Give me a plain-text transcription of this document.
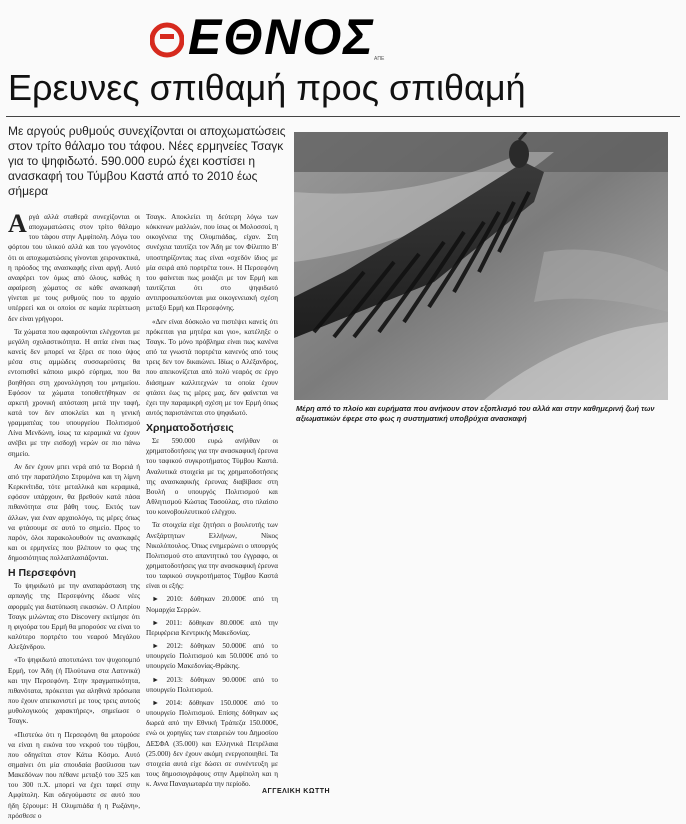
ΕΘΝΟΣ ΑΠΕ
Ερευνες σπιθαμή προς σπιθαμή
Με αργούς ρυθμούς συνεχίζονται οι αποχωματώσεις στον τρίτο θάλαμο του τάφου. Νέες ερμηνείες Τσαγκ για το ψηφιδωτό. 590.000 ευρώ έχει κοστίσει η ανασκαφή του Τύμβου Καστά από το 2010 έως σήμερα

Αργά αλλά σταθερά συνεχίζονται οι αποχωματώσεις στον τρίτο θάλαμο του τάφου στην Αμφίπολη. Λόγω του φόρτου του υλικού αλλά και του γεγονότος ότι οι αποχωματώσεις γίνονται χειρονακτικά, η πρόοδος της ανασκαφής είναι αργή. Αυτό αναφέρει τον όμως από όλους, καθώς η αφαίρεση χώματος σε κάθε ανασκαφή γίνεται με τους ρυθμούς που το αρχαίο υπέρρεεί και οι οποίοι σε καμία περίπτωση δεν είναι γρήγοροι.

Τα χώματα που αφαιρούνται ελέγχονται με μεγάλη σχολαστικότητα. Η αιτία είναι πως κανείς δεν μπορεί να ξέρει σε ποιο ύψος μέσα στις αμμώδεις συσσωρεύσεις θα εντοπισθεί κάποιο μικρό εύρημα, που θα βοηθήσει στη χρονολόγηση του μνημείου. Εφόσον τα χώματα τοποθετήθηκαν σε αρκετή χρονική απόσταση μετά την ταφή, κατά τον δεν αποκλείει και η γενική γραμματέας του υπουργείου Πολιτισμού Λίνα Μενδώνη, ίσως τα κεραμικά να έχουν ανέβει με την εισδοχή νερών σε πιο πάνω σημείο.

Αν δεν έχουν μπει νερά από τα Βορειά ή από την παραπλήσιο Στρυμόνα και τη λίμνη Κερκινίτιδα, τότε μεταλλικά και κεραμικά, εφόσον υπάρχουν, θα βρεθούν κατά πάσα πιθανότητα στα βάθη τους. Εκτός των άλλων, για έναν αρχαιολόγο, τις μέρες όπως να φτάσουμε σε αυτό το σημείο. Προς το παρόν, όλοι παρακολουθούν τις ανασκαφές και οι ερμηνείες που βλέπουν το φως της δημοσιότητας πολλαπλασιάζονται.

Η Περσεφόνη

Το ψηφιδωτό με την αναπαράσταση της αρπαγής της Περσεφόνης έδωσε νέες αφορμές για διατύπωση εικασιών. Ο Λιτρίου Τσαγκ μιλώντας στο Discovery εκτίμησε ότι η φιγούρα του Ερμή θα μπορούσε να είναι το καλύτερο πορτρέτο του νεαρού Μεγάλου Αλεξάνδρου.

«Το ψηφιδωτό αποτυπώνει τον ψυχοπομπό Ερμή, τον Άδη (ή Πλούτωνα στα Λατινικά) και την Περσεφόνη. Στην πραγματικότητα, πιθανότατα, πρόκειται για αληθινά πρόσωπα που έχουν απεικονιστεί με τους τρεις αυτούς μυθολογικούς χαρακτήρες», σημείωσε ο Τσαγκ.

«Πιστεύω ότι η Περσεφόνη θα μπορούσε να είναι η εικόνα του νεκρού του τύμβου, που οδηγείται στον Κάτω Κόσμο. Αυτό σημαίνει ότι μία σπουδαία βασίλισσα των Μακεδόνων που πέθανε μεταξύ του 325 και του 300 π.Χ. μπορεί να έχει ταφεί στην Αμφίπολη. Και οδεγούμαστε σε αυτό που ήδη ξέρουμε: Η Ολυμπιάδα ή η Ρωξάνη», πρόσθεσε ο

Τσαγκ. Αποκλείει τη δεύτερη λόγω των κόκκινων μαλλιών, που ίσως οι Μολοσσοί, η οικογένεια της Ολυμπιάδας, είχαν. Στη συνέχεια ταυτίζει τον Άδη με τον Φίλιππο Β' υποστηρίζοντας πως είναι «σχεδόν ίδιος με μία σειρά από πορτρέτα του». Η Περσεφόνη του φαίνεται πως μοιάζει με τον Ερμή και ταυτίζεται ότι στο ψηφιδωτό αντιπροσωπεύονται μια οικογενειακή σχέση μεταξύ Ερμή και Περσεφόνης.

«Δεν είναι δύσκολο να πιστέψει κανείς ότι πρόκειται για μητέρα και γιο», κατέληξε ο Τσαγκ. Το μόνο πρόβλημα είναι πως κανένα από τα γνωστά πορτρέτα κανενός από τους τρεις δεν τον δικαιώνει. Ιδίως ο Αλέξανδρος, που απεικονίζεται από πολύ νεαρός σε έργο διάσημων καλλιτεχνών τα οποία έχουν φτάσει έως τις μέρες μας, δεν φαίνεται να έχει την παραμικρή σχέση με τον Ερμή όπως αυτός παριστάνεται στο ψηφιδωτό.

Χρηματοδοτήσεις

Σε 590.000 ευρώ ανήλθαν οι χρηματοδοτήσεις για την ανασκαφική έρευνα του ταφικού συγκροτήματος Τύμβου Καστά. Αναλυτικά στοιχεία με τις χρηματοδοτήσεις της ανασκαφικής έρευνας διαβίβασε στη Βουλή ο υπουργός Πολιτισμού και Αθλητισμού Κώστας Τασούλας, στο πλαίσιο του κοινοβουλευτικού ελέγχου.

Τα στοιχεία είχε ζητήσει ο βουλευτής των Ανεξάρτητων Ελλήνων, Νίκος Νικολόπουλος. Όπως ενημερώνει ο υπουργός Πολιτισμού στο απαντητικό του έγγραφο, οι χρηματοδοτήσεις για την ανασκαφική έρευνα του ταφικού συγκροτήματος Τύμβου Καστά είναι οι εξής:

► 2010: δόθηκαν 20.000€ από τη Νομαρχία Σερρών.

► 2011: δόθηκαν 80.000€ από την Περιφέρεια Κεντρικής Μακεδονίας.

► 2012: δόθηκαν 50.000€ από το υπουργείο Πολιτισμού και 50.000€ από το υπουργείο Μακεδονίας-Θράκης.

► 2013: δόθηκαν 90.000€ από το υπουργείο Πολιτισμού.

► 2014: δόθηκαν 150.000€ από το υπουργείο Πολιτισμού. Επίσης δόθηκαν ως δωρεά από την Εθνική Τράπεζα 150.000€, ενώ οι χορηγίες των εταιρειών του Δημοσίου ΔΕΣΦΑ (35.000) και Ελληνικά Πετρέλαια (25.000) δεν έχουν ακόμη ενεργοποιηθεί. Τα στοιχεία αυτά είχε δώσει σε συνέντευξη με τους δημοσιογράφους στην Αμφίπολη και η κ. Αννα Παναγιωταρέα την περίοδο.

Μέρη από το πλοίο και ευρήματα που ανήκουν στον εξοπλισμό του αλλά και στην καθημερινή ζωή των αξιωματικών έφερε στο φως η συστηματική υποβρύχια ανασκαφή
ΑΓΓΕΛΙΚΗ ΚΩΤΤΗ
